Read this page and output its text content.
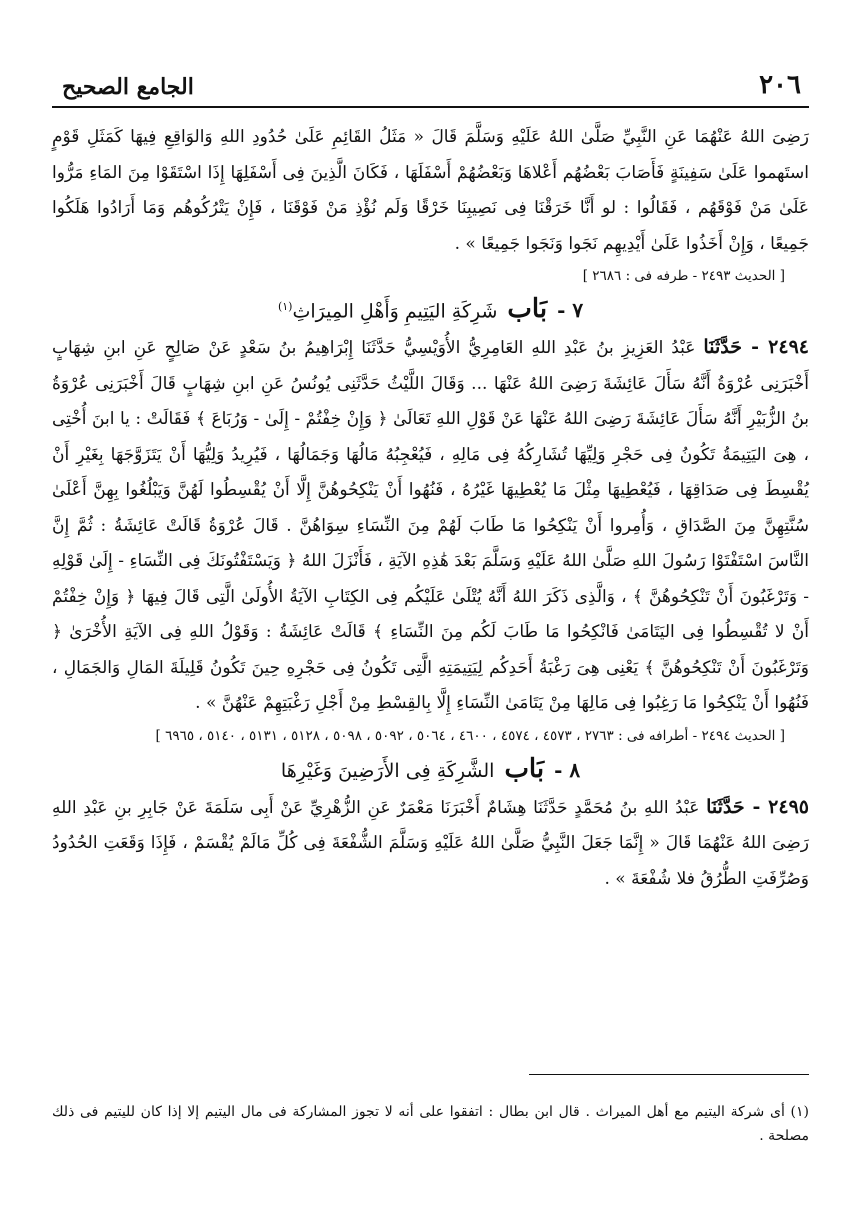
٢٠٦
الجامع الصحيح

رَضِىَ اللهُ عَنْهُمَا عَنِ النَّبِيِّ صَلَّىٰ اللهُ عَلَيْهِ وَسَلَّمَ قَالَ « مَثَلُ القَائِمِ عَلَىٰ حُدُودِ اللهِ وَالوَاقِعِ فِيهَا كَمَثَلِ قَوْمٍ استَهموا عَلَىٰ سَفِينَةٍ فَأَصَابَ بَعْضُهُم أَعْلاهَا وَبَعْضُهُمْ أَسْفَلَهَا ، فَكَانَ الَّذِينَ فِى أَسْفَلِهَا إِذَا اسْتَقَوْا مِنَ المَاءِ مَرُّوا عَلَىٰ مَنْ فَوْقَهُم ، فَقَالُوا : لو أَنَّا خَرَقْنَا فِى نَصِيبِنَا خَرْقًا وَلَم نُؤْذِ مَنْ فَوْقَنَا ، فَإِنْ يَتْرُكُوهُم وَمَا أَرَادُوا هَلَكُوا جَمِيعًا ، وَإِنْ أَخَذُوا عَلَىٰ أَيْدِيهِم نَجَوا وَنَجَوا جَمِيعًا » .

[ الحديث ٢٤٩٣ - طرفه فى : ٢٦٨٦ ]

٧ -
بَاب
شَرِكَةِ اليَتِيمِ وَأَهْلِ المِيرَاثِ$^{(١)}$

٢٤٩٤ - حَدَّثَنَا عَبْدُ العَزِيزِ بنُ عَبْدِ اللهِ العَامِرِيُّ الأُوَيْسِيُّ حَدَّثَنَا إِبْرَاهِيمُ بنُ سَعْدٍ عَنْ صَالِحٍ عَنِ ابنِ شِهَابٍ أَخْبَرَنِى عُرْوَةُ أَنَّهُ سَأَلَ عَائِشَةَ رَضِىَ اللهُ عَنْهَا ... وَقَالَ اللَّيْثُ حَدَّثَنِى يُونُسُ عَنِ ابنِ شِهَابٍ قَالَ أَخْبَرَنِى عُرْوَةُ بنُ الزُّبَيْرِ أَنَّهُ سَأَلَ عَائِشَةَ رَضِىَ اللهُ عَنْهَا عَنْ قَوْلِ اللهِ تَعَالَىٰ ﴿ وَإِنْ خِفْتُمْ - إِلَىٰ - وَرُبَاعَ ﴾ فَقَالَتْ : يا ابنَ أُخْتِى ، هِىَ اليَتِيمَةُ تَكُونُ فِى حَجْرِ وَلِيِّهَا تُشَارِكُهُ فِى مَالِهِ ، فَيُعْجِبُهُ مَالُهَا وَجَمَالُهَا ، فَيُرِيدُ وَلِيُّهَا أَنْ يَتَزَوَّجَهَا بِغَيْرِ أَنْ يُقْسِطَ فِى صَدَاقِهَا ، فَيُعْطِيهَا مِثْلَ مَا يُعْطِيهَا غَيْرُهُ ، فَنُهُوا أَنْ يَنْكِحُوهُنَّ إِلَّا أَنْ يُقْسِطُوا لَهُنَّ وَيَبْلُغُوا بِهِنَّ أَعْلَىٰ سُنَّتِهِنَّ مِنَ الصَّدَاقِ ، وَأُمِروا أَنْ يَنْكِحُوا مَا طَابَ لَهُمْ مِنَ النِّسَاءِ سِوَاهُنَّ . قَالَ عُرْوَةُ قَالَتْ عَائِشَةُ : ثُمَّ إِنَّ النَّاسَ اسْتَفْتَوْا رَسُولَ اللهِ صَلَّىٰ اللهُ عَلَيْهِ وَسَلَّمَ بَعْدَ هَٰذِهِ الآيَةِ ، فَأَنْزَلَ اللهُ ﴿ وَيَسْتَفْتُونَكَ فِى النِّسَاءِ - إِلَىٰ قَوْلِهِ - وَتَرْغَبُونَ أَنْ تَنْكِحُوهُنَّ ﴾ ، وَالَّذِى ذَكَرَ اللهُ أَنَّهُ يُتْلَىٰ عَلَيْكُم فِى الكِتَابِ الآيَةُ الأُولَىٰ الَّتِى قَالَ فِيهَا ﴿ وَإِنْ خِفْتُمْ أَنْ لا تُقْسِطُوا فِى اليَتَامَىٰ فَانْكِحُوا مَا طَابَ لَكُم مِنَ النِّسَاءِ ﴾ قَالَتْ عَائِشَةُ : وَقَوْلُ اللهِ فِى الآيَةِ الأُخْرَىٰ ﴿ وَتَرْغَبُونَ أَنْ تَنْكِحُوهُنَّ ﴾ يَعْنِى هِىَ رَغْبَةُ أَحَدِكُم لِيَتِيمَتِهِ الَّتِى تَكُونُ فِى حَجْرِهِ حِينَ تَكُونُ قَلِيلَةَ المَالِ وَالجَمَالِ ، فَنُهُوا أَنْ يَنْكِحُوا مَا رَغِبُوا فِى مَالِهَا مِنْ يَتَامَىٰ النِّسَاءِ إِلَّا بِالقِسْطِ مِنْ أَجْلِ رَغْبَتِهِمْ عَنْهُنَّ » .

[ الحديث ٢٤٩٤ - أطرافه فى : ٢٧٦٣ ، ٤٥٧٣ ، ٤٥٧٤ ، ٤٦٠٠ ، ٥٠٦٤ ، ٥٠٩٢ ، ٥٠٩٨ ، ٥١٢٨ ، ٥١٣١ ، ٥١٤٠ ، ٦٩٦٥ ]

٨ -
بَاب
الشَّرِكَةِ فِى الأَرَضِينَ وَغَيْرِهَا

٢٤٩٥ - حَدَّثَنَا عَبْدُ اللهِ بنُ مُحَمَّدٍ حَدَّثَنَا هِشَامٌ أَخْبَرَنَا مَعْمَرٌ عَنِ الزُّهْرِيِّ عَنْ أَبِى سَلَمَةَ عَنْ جَابِرِ بنِ عَبْدِ اللهِ رَضِىَ اللهُ عَنْهُمَا قَالَ « إِنَّمَا جَعَلَ النَّبِيُّ صَلَّىٰ اللهُ عَلَيْهِ وَسَلَّمَ الشُّفْعَةَ فِى كُلِّ مَالَمْ يُقْسَمْ ، فَإِذَا وَقَعَتِ الحُدُودُ وَصُرِّفَتِ الطُّرُقُ فلا شُفْعَةَ » .

(١) أى شركة اليتيم مع أهل الميراث . قال ابن بطال : اتفقوا على أنه لا تجوز المشاركة فى مال اليتيم إلا إذا كان لليتيم فى ذلك مصلحة .
